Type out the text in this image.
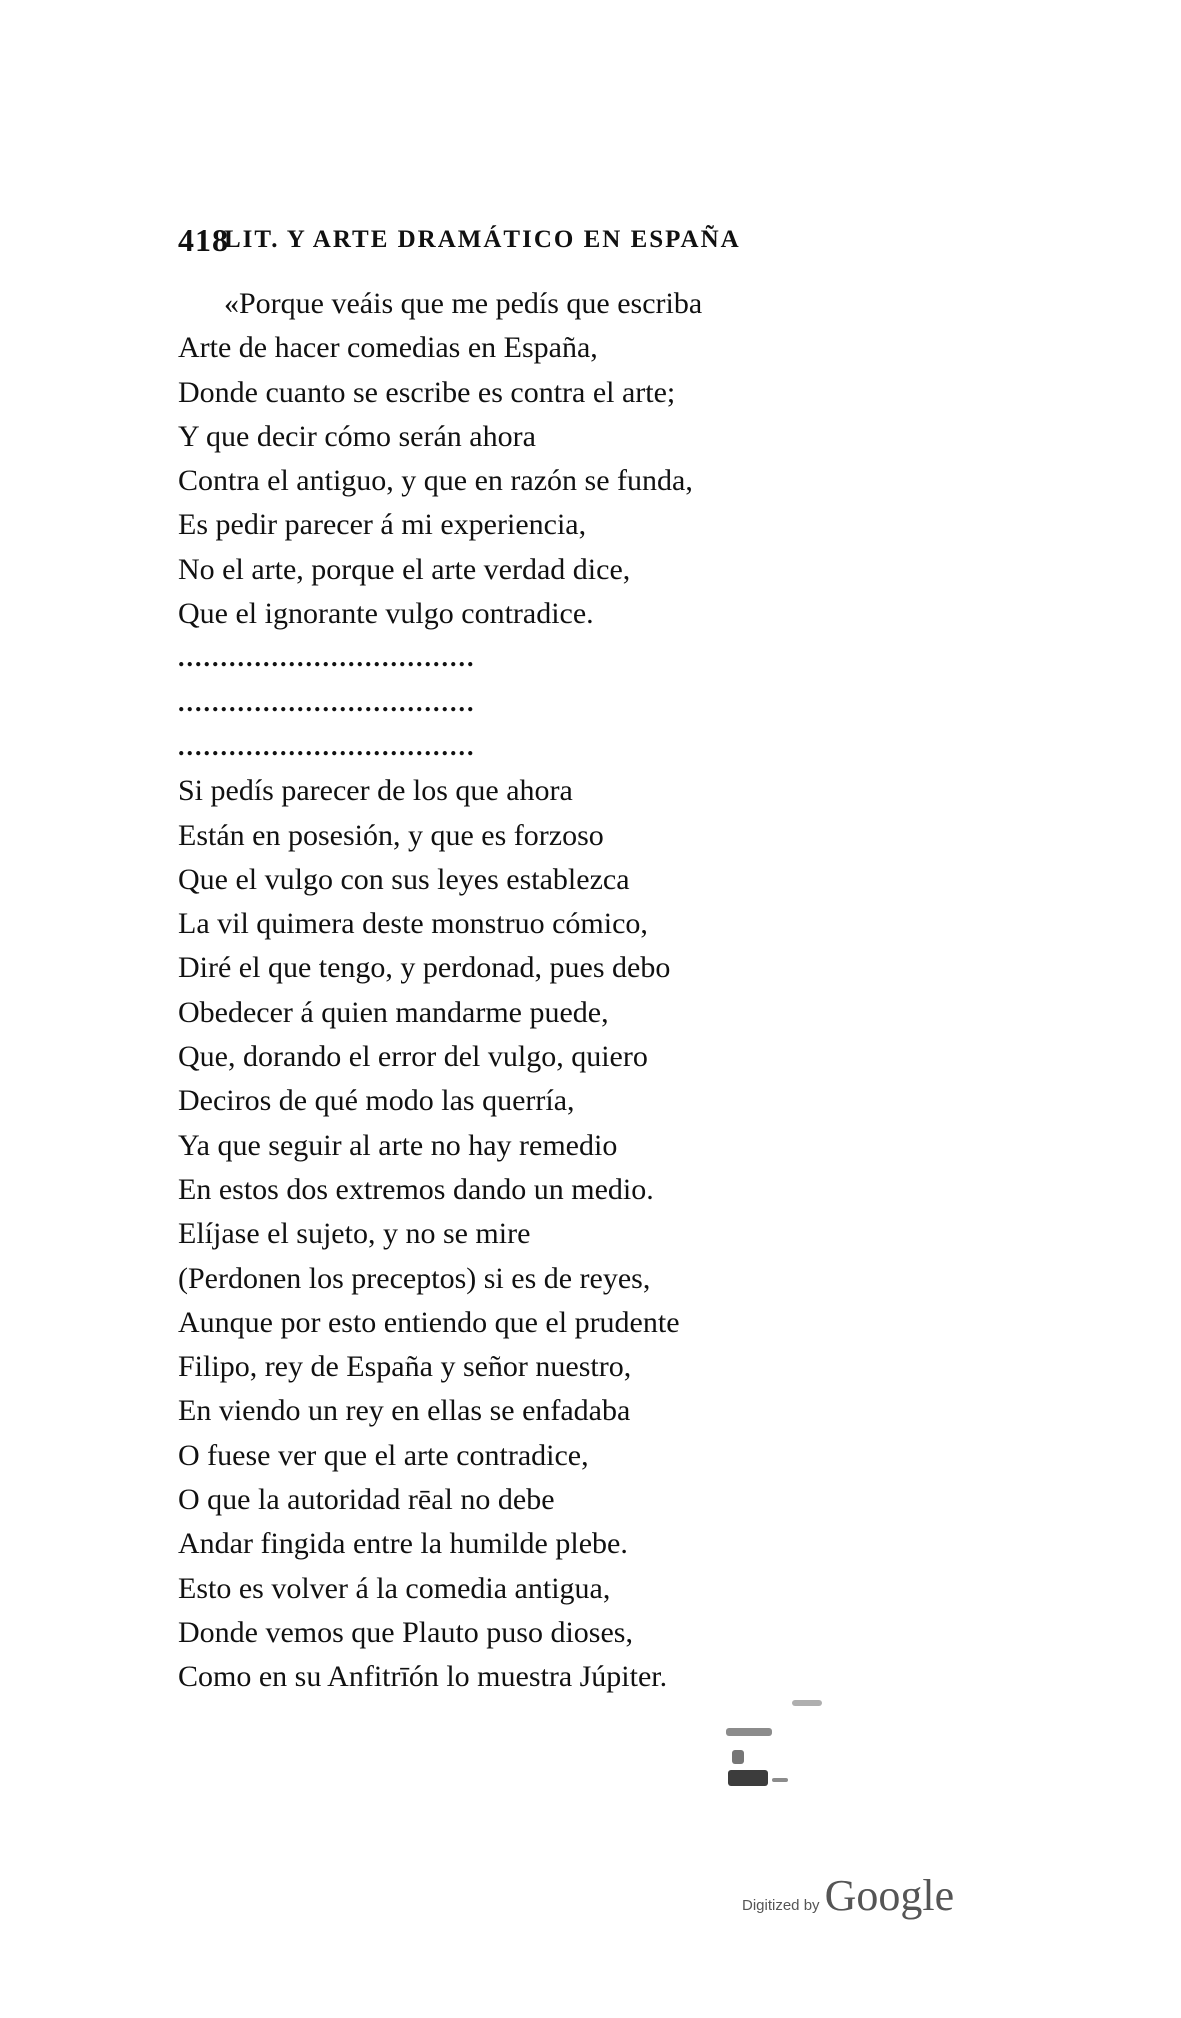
418
LIT. Y ARTE DRAMÁTICO EN ESPAÑA
«Porque veáis que me pedís que escriba
Arte de hacer comedias en España,
Donde cuanto se escribe es contra el arte;
Y que decir cómo serán ahora
Contra el antiguo, y que en razón se funda,
Es pedir parecer á mi experiencia,
No el arte, porque el arte verdad dice,
Que el ignorante vulgo contradice.
...................................
...................................
...................................
Si pedís parecer de los que ahora
Están en posesión, y que es forzoso
Que el vulgo con sus leyes establezca
La vil quimera deste monstruo cómico,
Diré el que tengo, y perdonad, pues debo
Obedecer á quien mandarme puede,
Que, dorando el error del vulgo, quiero
Deciros de qué modo las querría,
Ya que seguir al arte no hay remedio
En estos dos extremos dando un medio.
Elíjase el sujeto, y no se mire
(Perdonen los preceptos) si es de reyes,
Aunque por esto entiendo que el prudente
Filipo, rey de España y señor nuestro,
En viendo un rey en ellas se enfadaba
O fuese ver que el arte contradice,
O que la autoridad rēal no debe
Andar fingida entre la humilde plebe.
Esto es volver á la comedia antigua,
Donde vemos que Plauto puso dioses,
Como en su Anfitrīón lo muestra Júpiter.
Digitized by Google
